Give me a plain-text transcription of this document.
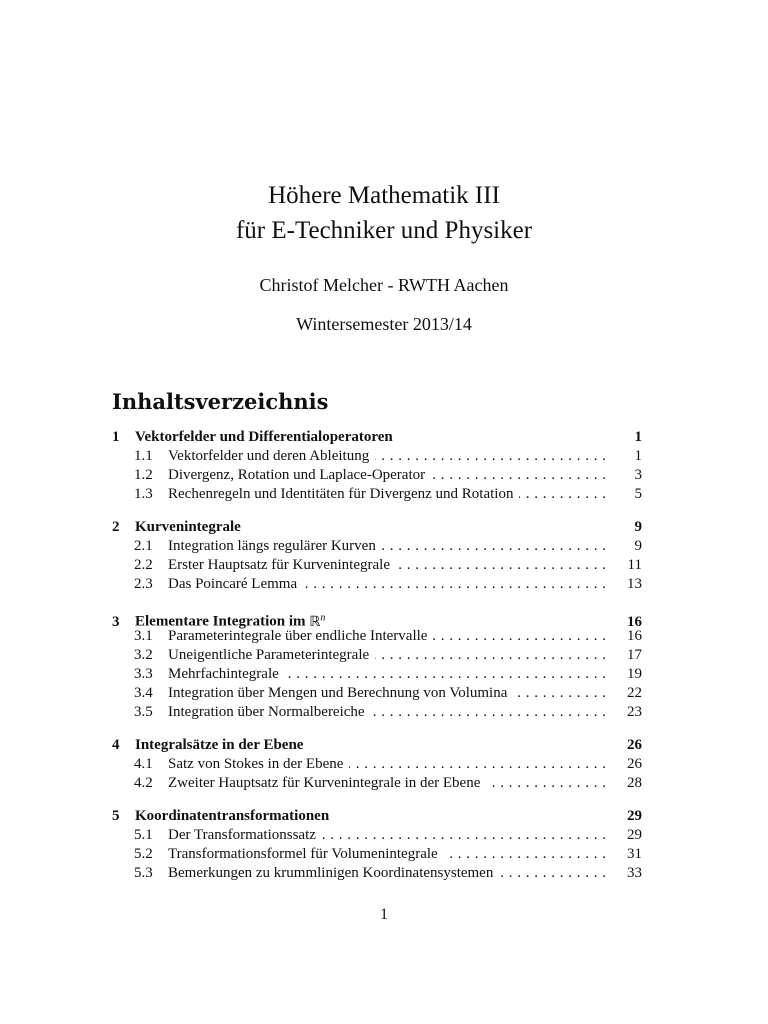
Höhere Mathematik III
für E-Techniker und Physiker
Christof Melcher - RWTH Aachen
Wintersemester 2013/14
Inhaltsverzeichnis
1	Vektorfelder und Differentialoperatoren	1
1.1	Vektorfelder und deren Ableitung . . .	1
1.2	Divergenz, Rotation und Laplace-Operator . . .	3
1.3	Rechenregeln und Identitäten für Divergenz und Rotation . . .	5
2	Kurvenintegrale	9
2.1	Integration längs regulärer Kurven . . .	9
2.2	Erster Hauptsatz für Kurvenintegrale . . .	11
2.3	Das Poincaré Lemma . . .	13
3	Elementare Integration im ℝ$^n$	16
3.1	Parameterintegrale über endliche Intervalle . . .	16
3.2	Uneigentliche Parameterintegrale . . .	17
3.3	Mehrfachintegrale . . .	19
3.4	Integration über Mengen und Berechnung von Volumina . . .	22
3.5	Integration über Normalbereiche . . .	23
4	Integralsätze in der Ebene	26
4.1	Satz von Stokes in der Ebene . . .	26
4.2	Zweiter Hauptsatz für Kurvenintegrale in der Ebene . . .	28
5	Koordinatentransformationen	29
5.1	Der Transformationssatz . . .	29
5.2	Transformationsformel für Volumenintegrale . . .	31
5.3	Bemerkungen zu krummlinigen Koordinatensystemen . . .	33
1
